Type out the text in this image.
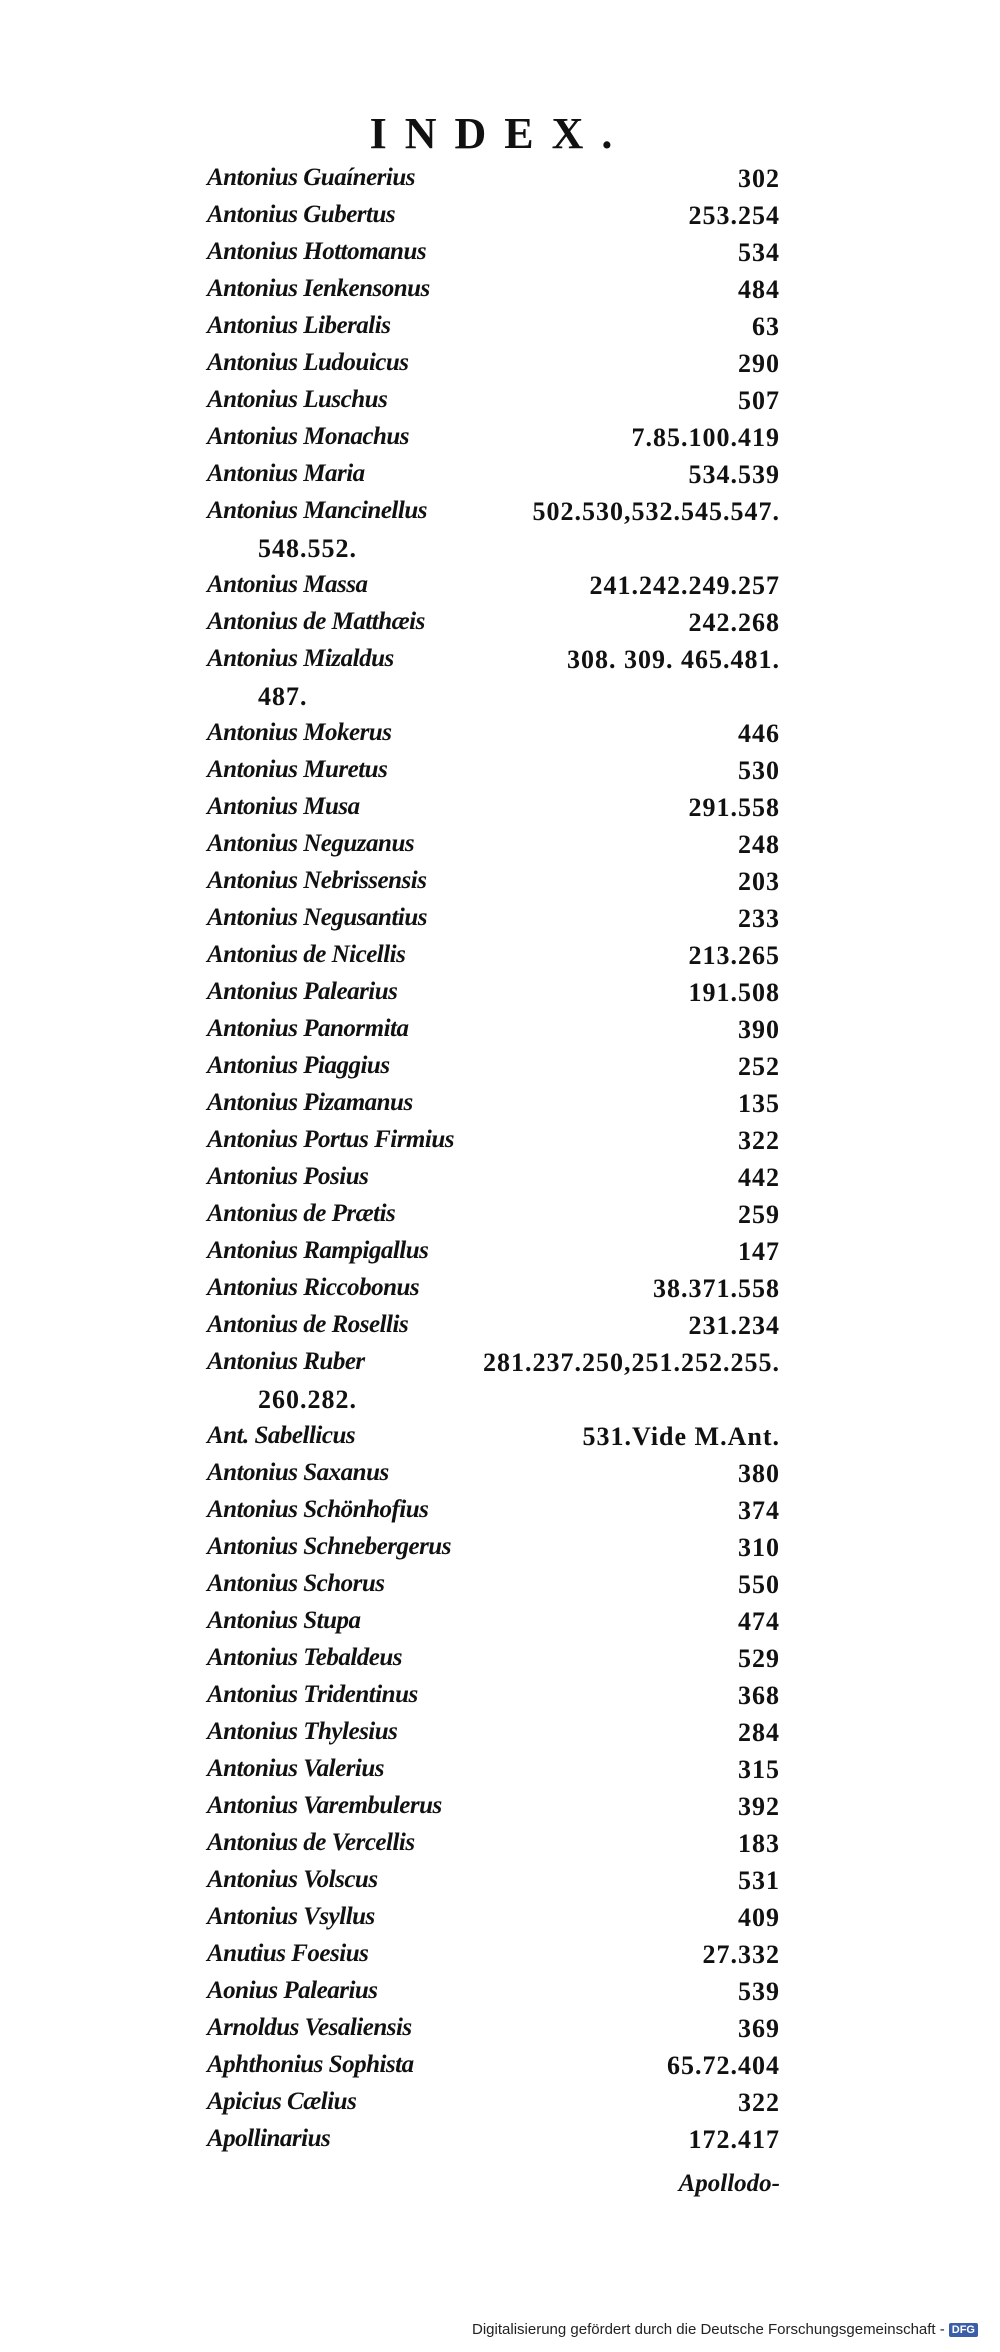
INDEX.
Antonius Guaínerius	302
Antonius Gubertus	253.254
Antonius Hottomanus	534
Antonius Ienkensonus	484
Antonius Liberalis	63
Antonius Ludouicus	290
Antonius Luschus	507
Antonius Monachus	7.85.100.419
Antonius Maria	534.539
Antonius Mancinellus	502.530,532.545.547.
548.552.
Antonius Massa	241.242.249.257
Antonius de Matthæis	242.268
Antonius Mizaldus	308. 309. 465.481.
487.
Antonius Mokerus	446
Antonius Muretus	530
Antonius Musa	291.558
Antonius Neguzanus	248
Antonius Nebrissensis	203
Antonius Negusantius	233
Antonius de Nicellis	213.265
Antonius Palearius	191.508
Antonius Panormita	390
Antonius Piaggius	252
Antonius Pizamanus	135
Antonius Portus Firmius	322
Antonius Posius	442
Antonius de Prætis	259
Antonius Rampigallus	147
Antonius Riccobonus	38.371.558
Antonius de Rosellis	231.234
Antonius Ruber	281.237.250,251.252.255.
260.282.
Ant. Sabellicus	531.Vide M.Ant.
Antonius Saxanus	380
Antonius Schönhofius	374
Antonius Schnebergerus	310
Antonius Schorus	550
Antonius Stupa	474
Antonius Tebaldeus	529
Antonius Tridentinus	368
Antonius Thylesius	284
Antonius Valerius	315
Antonius Varembulerus	392
Antonius de Vercellis	183
Antonius Volscus	531
Antonius Vsyllus	409
Anutius Foesius	27.332
Aonius Palearius	539
Arnoldus Vesaliensis	369
Aphthonius Sophista	65.72.404
Apicius Cælius	322
Apollinarius	172.417
Apollodo-
Digitalisierung gefördert durch die Deutsche Forschungsgemeinschaft - DFG
